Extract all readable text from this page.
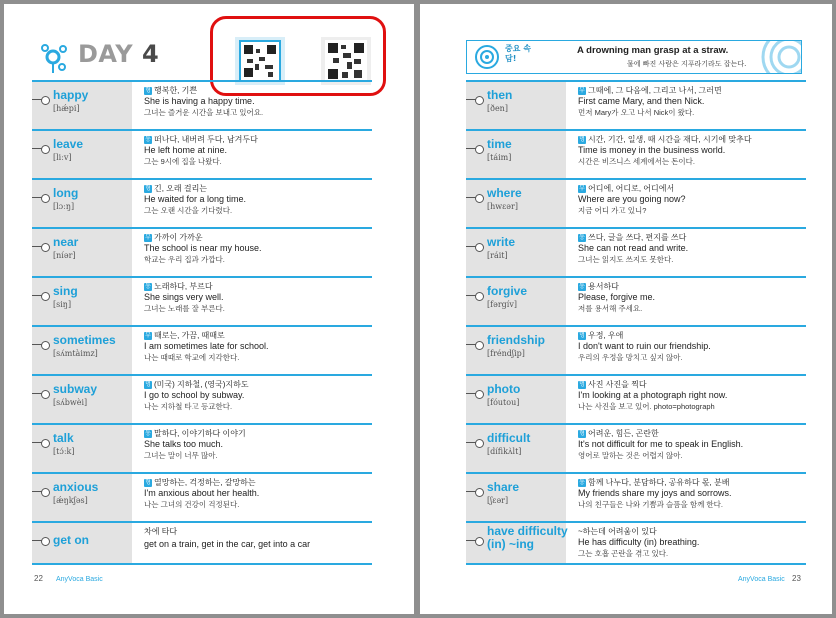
DAY 4
happy
[hǽpi]
형 행복한, 기쁜
She is having a happy time.
그녀는 즐거운 시간을 보내고 있어요.
leave
[liːv]
동 떠나다, 내버려 두다, 남겨두다
He left home at nine.
그는 9시에 집을 나왔다.
long
[lɔːŋ]
형 긴, 오래 걸리는
He waited for a long time.
그는 오랜 시간을 기다렸다.
near
[níər]
부 가까이 가까운
The school is near my house.
학교는 우리 집과 가깝다.
sing
[siŋ]
동 노래하다, 부르다
She sings very well.
그녀는 노래를 잘 부른다.
sometimes
[sʌ́mtàimz]
부 때로는, 가끔, 때때로
I am sometimes late for school.
나는 때때로 학교에 지각한다.
subway
[sʌ́bwèi]
명 (미국) 지하철, (영국)지하도
I go to school by subway.
나는 지하철 타고 등교한다.
talk
[tɔ́ːk]
동 말하다, 이야기하다 이야기
She talks too much.
그녀는 말이 너무 많아.
anxious
[ǽŋkʃəs]
형 열망하는, 걱정하는, 갈망하는
I'm anxious about her health.
나는 그녀의 건강이 걱정된다.
get on
차에 타다
get on a train, get in the car, get into a car
22 AnyVoca Basic
중요 속담!
A drowning man grasp at a straw.
물에 빠진 사람은 지푸라기라도 잡는다.
then
[ðen]
부 그때에, 그 다음에, 그리고 나서, 그러면
First came Mary, and then Nick.
먼저 Mary가 오고 나서 Nick이 왔다.
time
[táim]
명 시간, 기간, 일생, 때 시간을 재다, 시기에 맞추다
Time is money in the business world.
시간은 비즈니스 세계에서는 돈이다.
where
[hwɛər]
부 어디에, 어디로, 어디에서
Where are you going now?
지금 어디 가고 있니?
write
[ráit]
동 쓰다, 글을 쓰다, 편지를 쓰다
She can not read and write.
그녀는 읽지도 쓰지도 못한다.
forgive
[fərgív]
동 용서하다
Please, forgive me.
저를 용서해 주세요.
friendship
[fréndʃip]
명 우정, 우애
I don't want to ruin our friendship.
우리의 우정을 망치고 싶지 않아.
photo
[fóutou]
명 사진 사진을 찍다
I'm looking at a photograph right now.
나는 사진을 보고 있어. photo=photograph
difficult
[dífikʌ̀lt]
형 어려운, 힘든, 곤란한
It's not difficult for me to speak in English.
영어로 말하는 것은 어렵지 않아.
share
[ʃɛər]
동 함께 나누다, 분담하다, 공유하다 몫, 분배
My friends share my joys and sorrows.
나의 친구들은 나와 기쁨과 슬픔을 함께 한다.
have difficulty (in) ~ing
~하는데 어려움이 있다
He has difficulty (in) breathing.
그는 호흡 곤란을 겪고 있다.
AnyVoca Basic 23
